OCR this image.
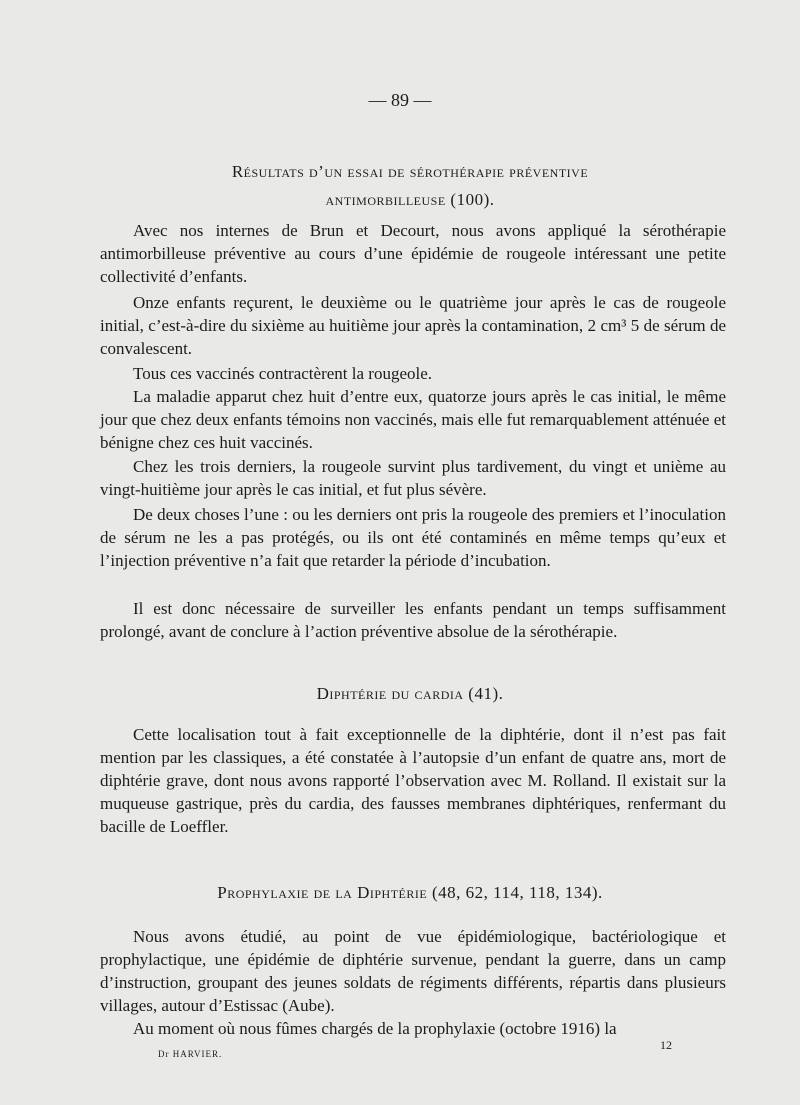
— 89 —
Résultats d’un essai de sérothérapie préventive
antimorbilleuse (100).

Avec nos internes de Brun et Decourt, nous avons appliqué la sérothérapie antimorbilleuse préventive au cours d’une épidémie de rougeole intéressant une petite collectivité d’enfants.

Onze enfants reçurent, le deuxième ou le quatrième jour après le cas de rougeole initial, c’est-à-dire du sixième au huitième jour après la contamination, 2 cm³ 5 de sérum de convalescent.

Tous ces vaccinés contractèrent la rougeole.

La maladie apparut chez huit d’entre eux, quatorze jours après le cas initial, le même jour que chez deux enfants témoins non vaccinés, mais elle fut remarquablement atténuée et bénigne chez ces huit vaccinés.

Chez les trois derniers, la rougeole survint plus tardivement, du vingt et unième au vingt-huitième jour après le cas initial, et fut plus sévère.

De deux choses l’une : ou les derniers ont pris la rougeole des premiers et l’inoculation de sérum ne les a pas protégés, ou ils ont été contaminés en même temps qu’eux et l’injection préventive n’a fait que retarder la période d’incubation.

Il est donc nécessaire de surveiller les enfants pendant un temps suffisamment prolongé, avant de conclure à l’action préventive absolue de la sérothérapie.

Diphtérie du cardia (41).

Cette localisation tout à fait exceptionnelle de la diphtérie, dont il n’est pas fait mention par les classiques, a été constatée à l’autopsie d’un enfant de quatre ans, mort de diphtérie grave, dont nous avons rapporté l’observation avec M. Rolland. Il existait sur la muqueuse gastrique, près du cardia, des fausses membranes diphtériques, renfermant du bacille de Loeffler.

Prophylaxie de la Diphtérie (48, 62, 114, 118, 134).

Nous avons étudié, au point de vue épidémiologique, bactériologique et prophylactique, une épidémie de diphtérie survenue, pendant la guerre, dans un camp d’instruction, groupant des jeunes soldats de régiments différents, répartis dans plusieurs villages, autour d’Estissac (Aube).

Au moment où nous fûmes chargés de la prophylaxie (octobre 1916) la

Dr HARVIER.
12
